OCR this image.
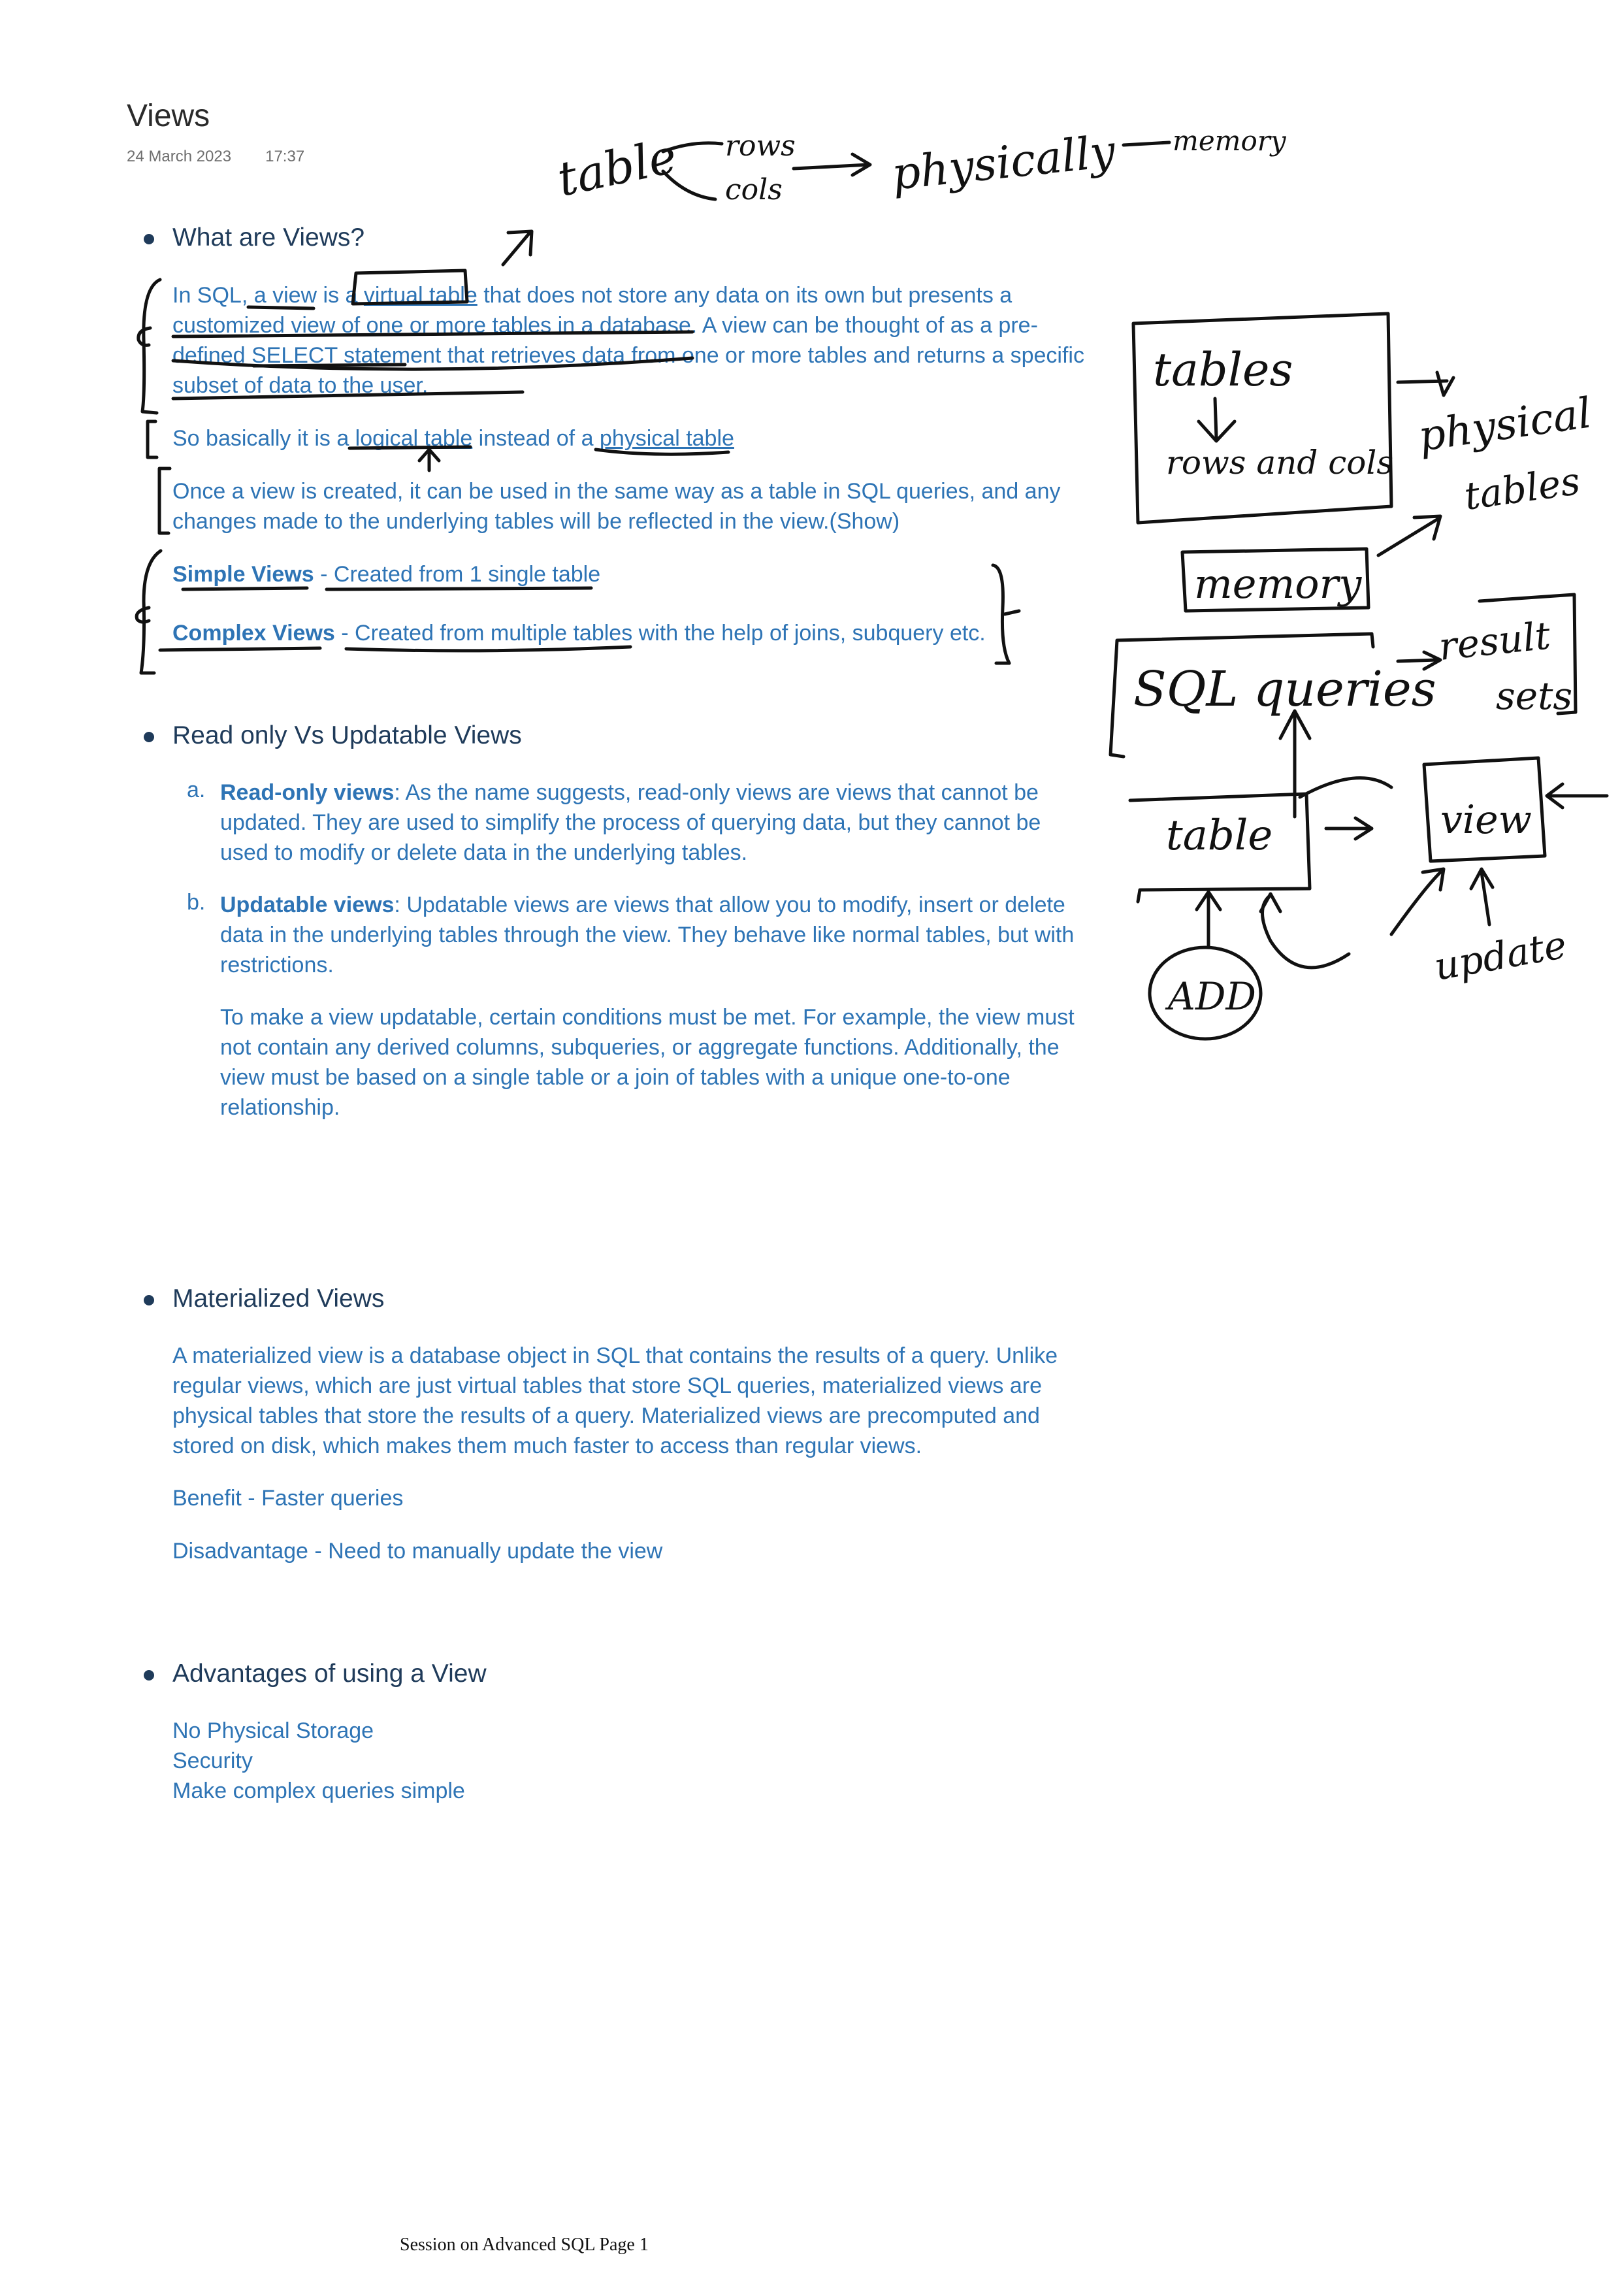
Views
24 March 2023 17:37
What are Views?
In SQL, a view is a virtual table that does not store any data on its own but presents a customized view of one or more tables in a database. A view can be thought of as a pre-defined SELECT statement that retrieves data from one or more tables and returns a specific subset of data to the user.
So basically it is a logical table instead of a physical table
Once a view is created, it can be used in the same way as a table in SQL queries, and any changes made to the underlying tables will be reflected in the view.(Show)
Simple Views - Created from 1 single table
Complex Views - Created from multiple tables with the help of joins, subquery etc.
Read only Vs Updatable Views
a. Read-only views: As the name suggests, read-only views are views that cannot be updated. They are used to simplify the process of querying data, but they cannot be used to modify or delete data in the underlying tables.
b. Updatable views: Updatable views are views that allow you to modify, insert or delete data in the underlying tables through the view. They behave like normal tables, but with restrictions.
To make a view updatable, certain conditions must be met. For example, the view must not contain any derived columns, subqueries, or aggregate functions. Additionally, the view must be based on a single table or a join of tables with a unique one-to-one relationship.
Materialized Views
A materialized view is a database object in SQL that contains the results of a query. Unlike regular views, which are just virtual tables that store SQL queries, materialized views are physical tables that store the results of a query. Materialized views are precomputed and stored on disk, which makes them much faster to access than regular views.
Benefit - Faster queries
Disadvantage - Need to manually update the view
Advantages of using a View
No Physical Storage
Security
Make complex queries simple
Session on Advanced SQL Page 1
table rows
cols physically memory
tables
rows and cols
physical
tables
memory
SQL queries
result
sets
table	view
update
ADD
